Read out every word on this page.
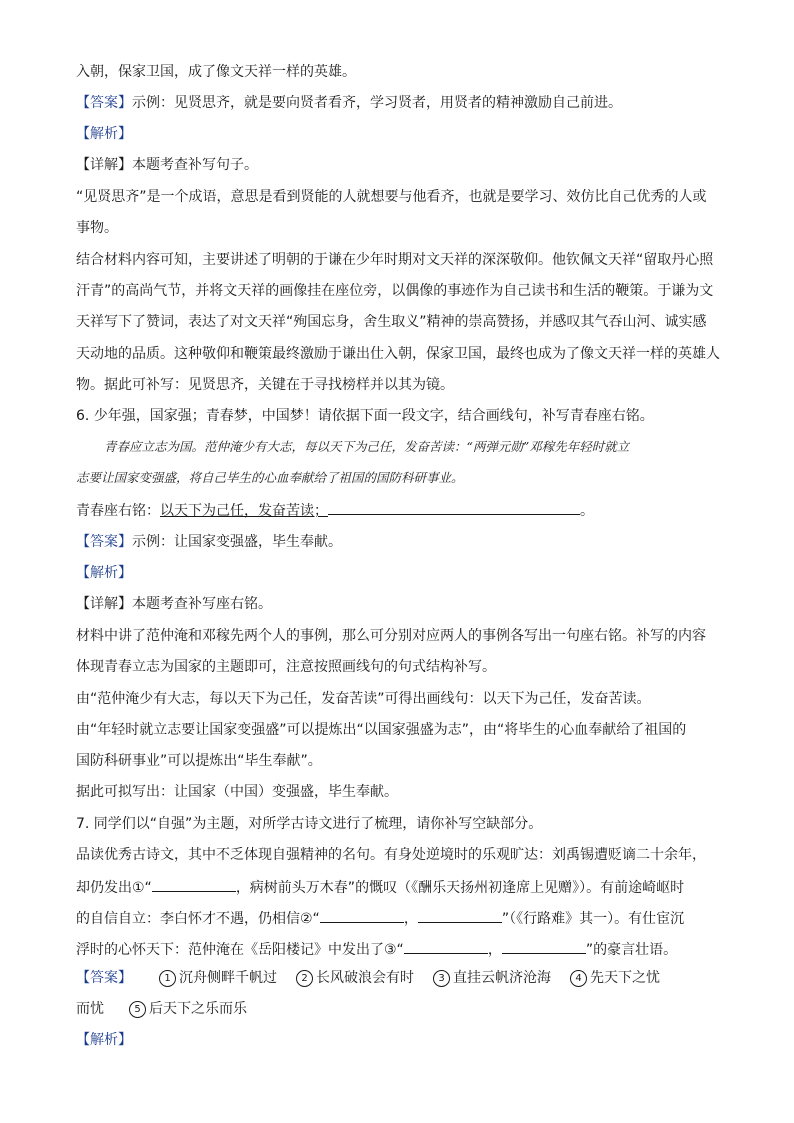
入朝，保家卫国，成了像文天祥一样的英雄。
【答案】示例：见贤思齐，就是要向贤者看齐，学习贤者，用贤者的精神激励自己前进。
【解析】
【详解】本题考查补写句子。
“见贤思齐”是一个成语，意思是看到贤能的人就想要与他看齐，也就是要学习、效仿比自己优秀的人或
事物。
结合材料内容可知，主要讲述了明朝的于谦在少年时期对文天祥的深深敬仰。他钦佩文天祥“留取丹心照
汗青”的高尚气节，并将文天祥的画像挂在座位旁，以偶像的事迹作为自己读书和生活的鞭策。于谦为文
天祥写下了赞词，表达了对文天祥“殉国忘身，舍生取义”精神的崇高赞扬，并感叹其气吞山河、诚实感
天动地的品质。这种敬仰和鞭策最终激励于谦出仕入朝，保家卫国，最终也成为了像文天祥一样的英雄人
物。据此可补写：见贤思齐，关键在于寻找榜样并以其为镜。
6. 少年强，国家强；青春梦，中国梦！请依据下面一段文字，结合画线句，补写青春座右铭。
青春应立志为国。范仲淹少有大志，每以天下为己任，发奋苦读：“两弹元勋”邓稼先年轻时就立
志要让国家变强盛，将自己毕生的心血奉献给了祖国的国防科研事业。
青春座右铭：以天下为己任，发奋苦读；	。
【答案】示例：让国家变强盛，毕生奉献。
【解析】
【详解】本题考查补写座右铭。
材料中讲了范仲淹和邓稼先两个人的事例，那么可分别对应两人的事例各写出一句座右铭。补写的内容
体现青春立志为国家的主题即可，注意按照画线句的句式结构补写。
由“范仲淹少有大志，每以天下为己任，发奋苦读”可得出画线句：以天下为己任，发奋苦读。
由“年轻时就立志要让国家变强盛”可以提炼出“以国家强盛为志”，由“将毕生的心血奉献给了祖国的
国防科研事业”可以提炼出“毕生奉献”。
据此可拟写出：让国家（中国）变强盛，毕生奉献。
7. 同学们以“自强”为主题，对所学古诗文进行了梳理，请你补写空缺部分。
品读优秀古诗文，其中不乏体现自强精神的名句。有身处逆境时的乐观旷达：刘禹锡遭贬谪二十余年，
却仍发出①“	，病树前头万木春”的慨叹（《酬乐天扬州初逢席上见赠》）。有前途崎岖时
的自信自立：李白怀才不遇，仍相信②“	，	”（《行路难》其一）。有仕宦沉
浮时的心怀天下：范仲淹在《岳阳楼记》中发出了③“	，	”的豪言壮语。
【答案】	1 沉舟侧畔千帆过 2 长风破浪会有时 3 直挂云帆济沧海 4 先天下之忧
而忧	5 后天下之乐而乐
【解析】
